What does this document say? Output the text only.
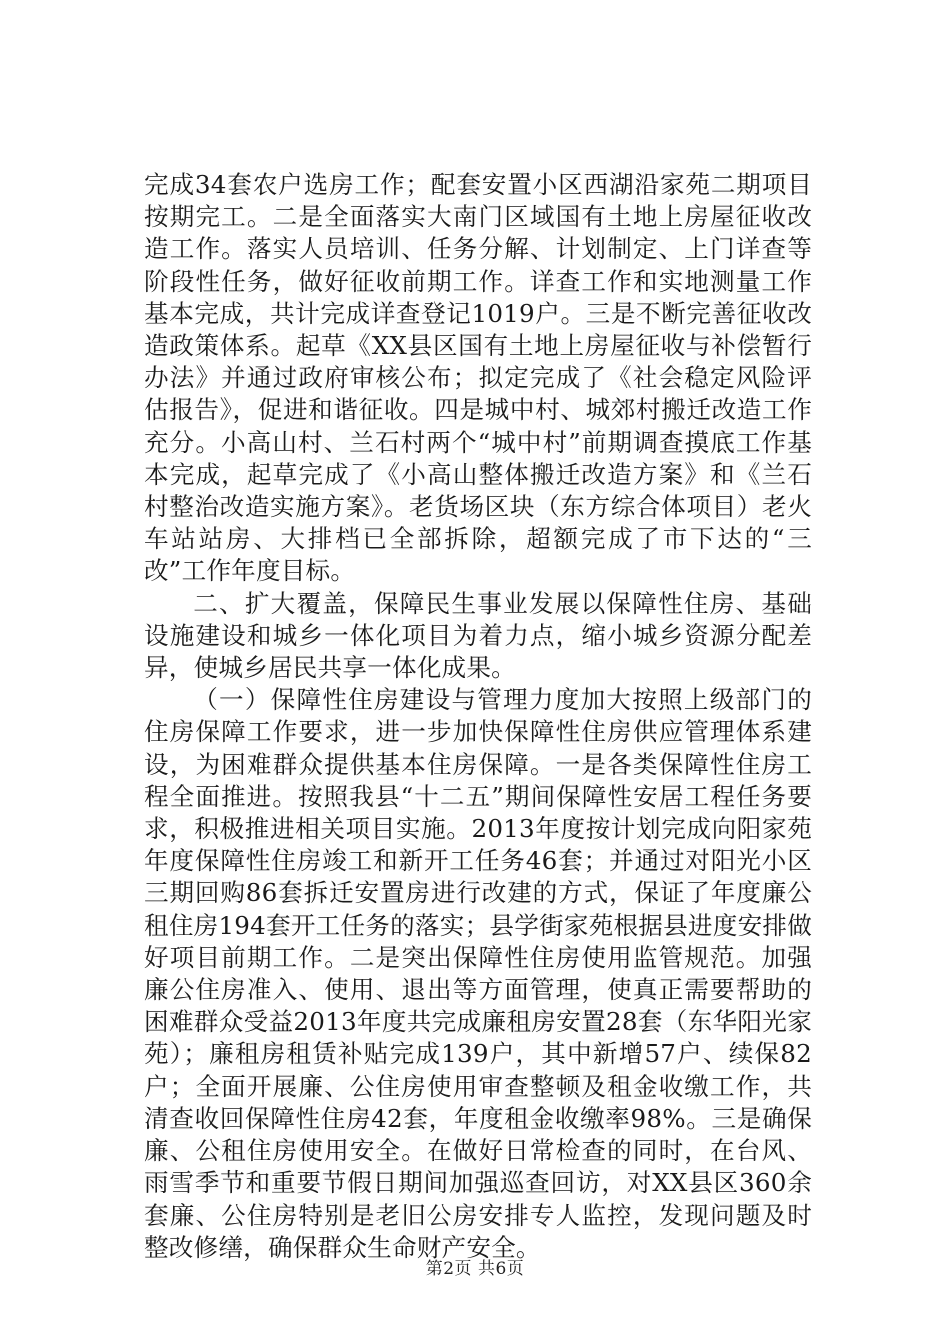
完成34套农户选房工作；配套安置小区西湖沿家苑二期项目按期完工。二是全面落实大南门区域国有土地上房屋征收改造工作。落实人员培训、任务分解、计划制定、上门详查等阶段性任务，做好征收前期工作。详查工作和实地测量工作基本完成，共计完成详查登记1019户。三是不断完善征收改造政策体系。起草《XX县区国有土地上房屋征收与补偿暂行办法》并通过政府审核公布；拟定完成了《社会稳定风险评估报告》，促进和谐征收。四是城中村、城郊村搬迁改造工作充分。小高山村、兰石村两个“城中村”前期调查摸底工作基本完成，起草完成了《小高山整体搬迁改造方案》和《兰石村整治改造实施方案》。老货场区块（东方综合体项目）老火车站站房、大排档已全部拆除，超额完成了市下达的“三改”工作年度目标。

二、扩大覆盖，保障民生事业发展以保障性住房、基础设施建设和城乡一体化项目为着力点，缩小城乡资源分配差异，使城乡居民共享一体化成果。

（一）保障性住房建设与管理力度加大按照上级部门的住房保障工作要求，进一步加快保障性住房供应管理体系建设，为困难群众提供基本住房保障。一是各类保障性住房工程全面推进。按照我县“十二五”期间保障性安居工程任务要求，积极推进相关项目实施。2013年度按计划完成向阳家苑年度保障性住房竣工和新开工任务46套；并通过对阳光小区三期回购86套拆迁安置房进行改建的方式，保证了年度廉公租住房194套开工任务的落实；县学街家苑根据县进度安排做好项目前期工作。二是突出保障性住房使用监管规范。加强廉公住房准入、使用、退出等方面管理，使真正需要帮助的困难群众受益2013年度共完成廉租房安置28套（东华阳光家苑）；廉租房租赁补贴完成139户，其中新增57户、续保82户；全面开展廉、公住房使用审查整顿及租金收缴工作，共清查收回保障性住房42套，年度租金收缴率98%。三是确保廉、公租住房使用安全。在做好日常检查的同时，在台风、雨雪季节和重要节假日期间加强巡查回访，对XX县区360余套廉、公住房特别是老旧公房安排专人监控，发现问题及时整改修缮，确保群众生命财产安全。

第2页 共6页
